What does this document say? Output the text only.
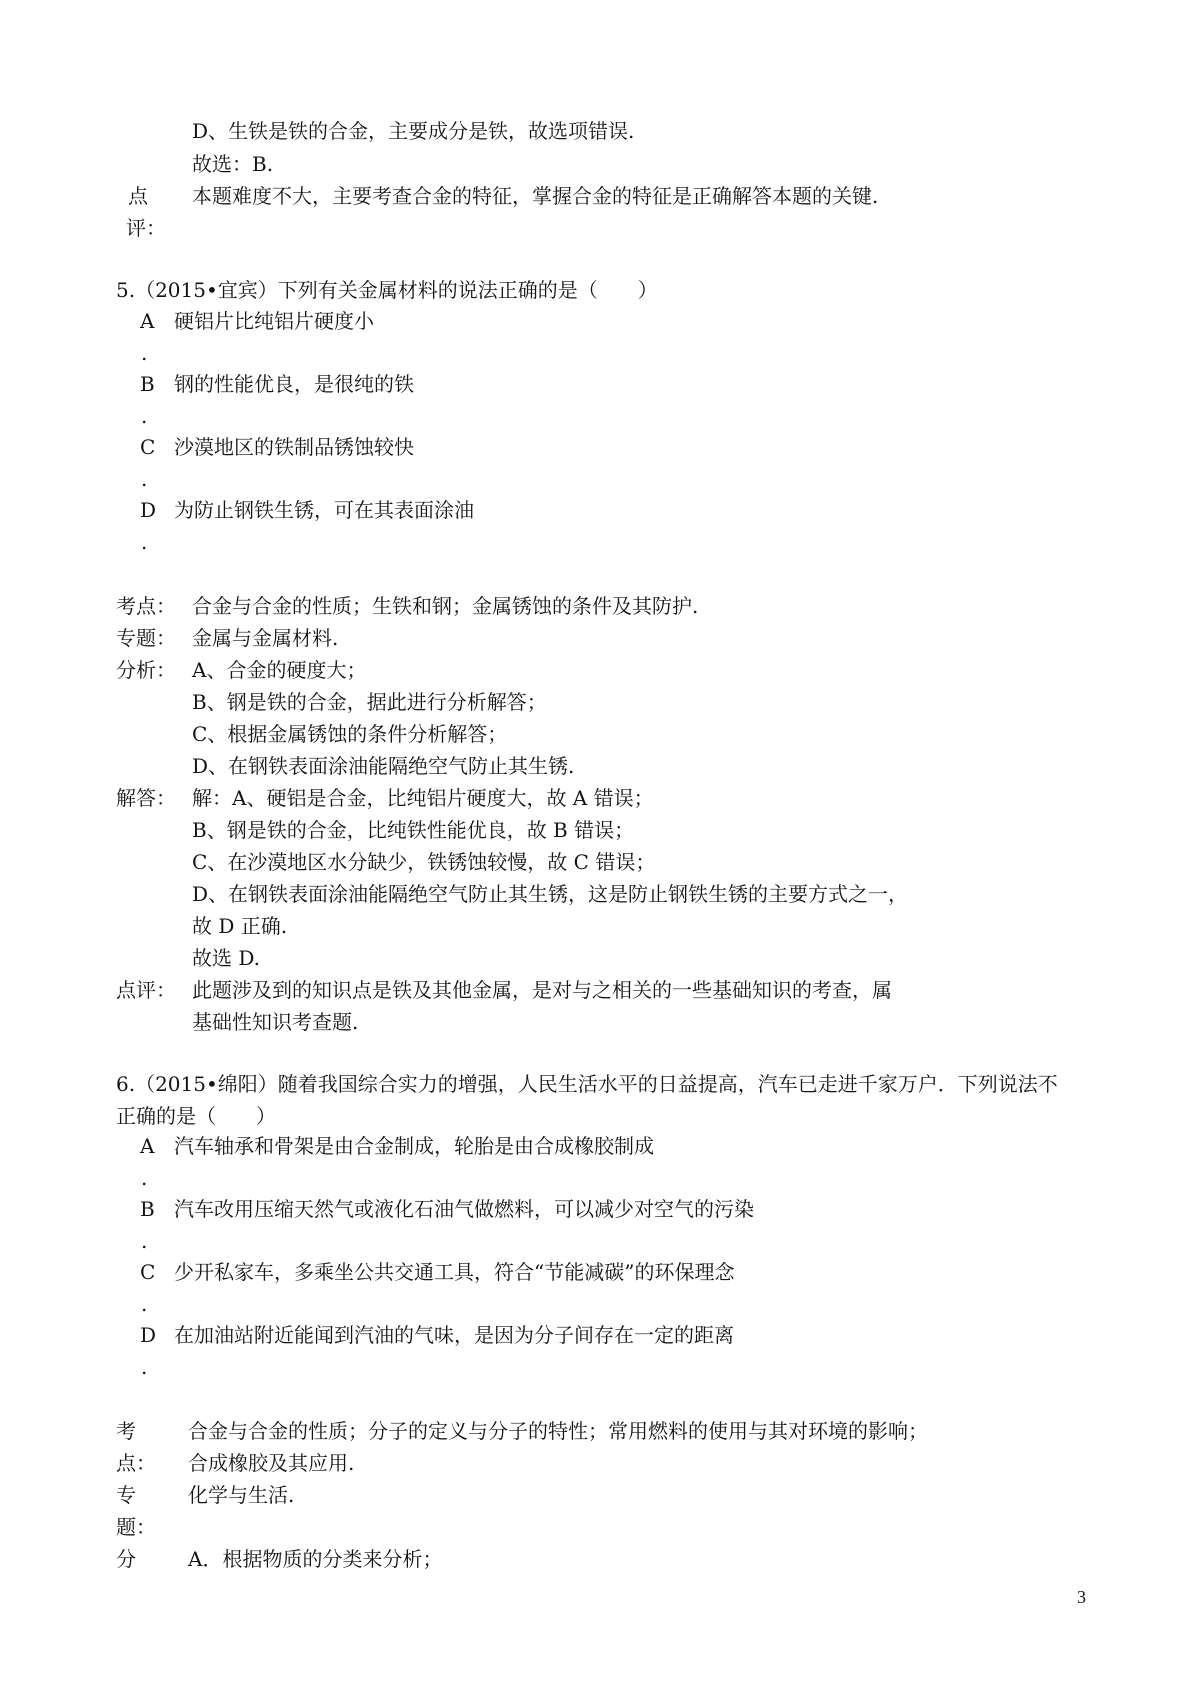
D、生铁是铁的合金，主要成分是铁，故选项错误.
故选：B.
点
评：
本题难度不大，主要考查合金的特征，掌握合金的特征是正确解答本题的关键.
5.（2015•宜宾）下列有关金属材料的说法正确的是（　　）
A 硬铝片比纯铝片硬度小
.
B 钢的性能优良，是很纯的铁
.
C 沙漠地区的铁制品锈蚀较快
.
D 为防止钢铁生锈，可在其表面涂油
.
考点： 合金与合金的性质；生铁和钢；金属锈蚀的条件及其防护.
专题： 金属与金属材料.
分析： A、合金的硬度大；
B、钢是铁的合金，据此进行分析解答；
C、根据金属锈蚀的条件分析解答；
D、在钢铁表面涂油能隔绝空气防止其生锈.
解答： 解：A、硬铝是合金，比纯铝片硬度大，故 A 错误；
B、钢是铁的合金，比纯铁性能优良，故 B 错误；
C、在沙漠地区水分缺少，铁锈蚀较慢，故 C 错误；
D、在钢铁表面涂油能隔绝空气防止其生锈，这是防止钢铁生锈的主要方式之一，
故 D 正确.
故选 D.
点评： 此题涉及到的知识点是铁及其他金属，是对与之相关的一些基础知识的考查，属
基础性知识考查题.
6.（2015•绵阳）随着我国综合实力的增强，人民生活水平的日益提高，汽车已走进千家万户．下列说法不
正确的是（　　）
A 汽车轴承和骨架是由合金制成，轮胎是由合成橡胶制成
.
B 汽车改用压缩天然气或液化石油气做燃料，可以减少对空气的污染
.
C 少开私家车，多乘坐公共交通工具，符合“节能减碳”的环保理念
.
D 在加油站附近能闻到汽油的气味，是因为分子间存在一定的距离
.
考
点：
合金与合金的性质；分子的定义与分子的特性；常用燃料的使用与其对环境的影响；
合成橡胶及其应用.
专
题：
化学与生活.
分	A．根据物质的分类来分析；
3
